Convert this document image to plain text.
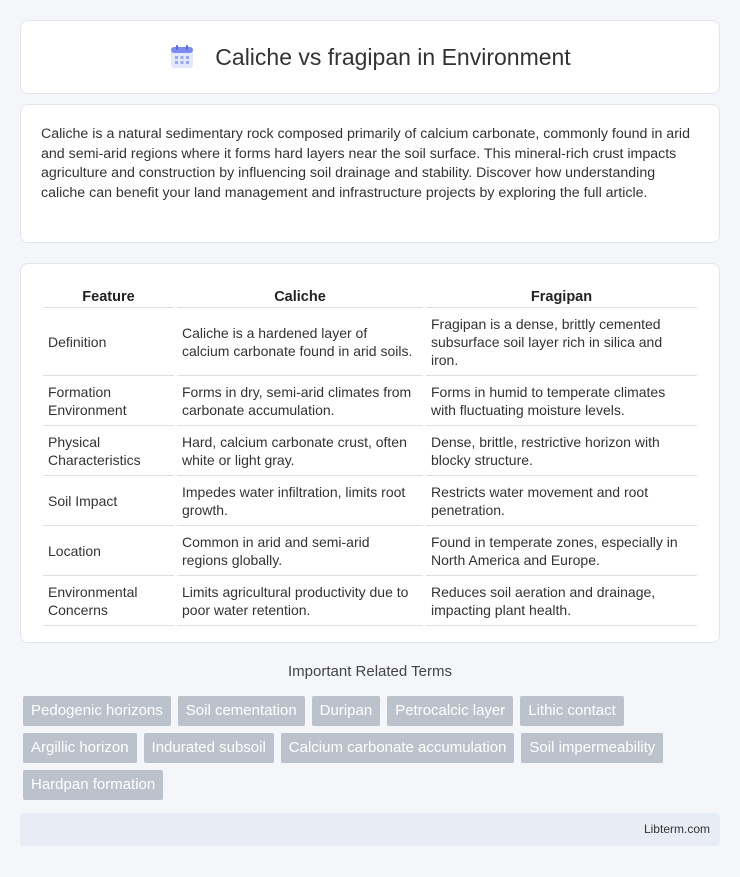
Caliche vs fragipan in Environment

Caliche is a natural sedimentary rock composed primarily of calcium carbonate, commonly found in arid and semi-arid regions where it forms hard layers near the soil surface. This mineral-rich crust impacts agriculture and construction by influencing soil drainage and stability. Discover how understanding caliche can benefit your land management and infrastructure projects by exploring the full article.

Feature	Caliche	Fragipan
Definition	Caliche is a hardened layer of calcium carbonate found in arid soils.	Fragipan is a dense, brittly cemented subsurface soil layer rich in silica and iron.
Formation Environment	Forms in dry, semi-arid climates from carbonate accumulation.	Forms in humid to temperate climates with fluctuating moisture levels.
Physical Characteristics	Hard, calcium carbonate crust, often white or light gray.	Dense, brittle, restrictive horizon with blocky structure.
Soil Impact	Impedes water infiltration, limits root growth.	Restricts water movement and root penetration.
Location	Common in arid and semi-arid regions globally.	Found in temperate zones, especially in North America and Europe.
Environmental Concerns	Limits agricultural productivity due to poor water retention.	Reduces soil aeration and drainage, impacting plant health.
Important Related Terms
Pedogenic horizons	Soil cementation	Duripan	Petrocalcic layer	Lithic contact
Argillic horizon	Indurated subsoil	Calcium carbonate accumulation	Soil impermeability
Hardpan formation
Libterm.com
